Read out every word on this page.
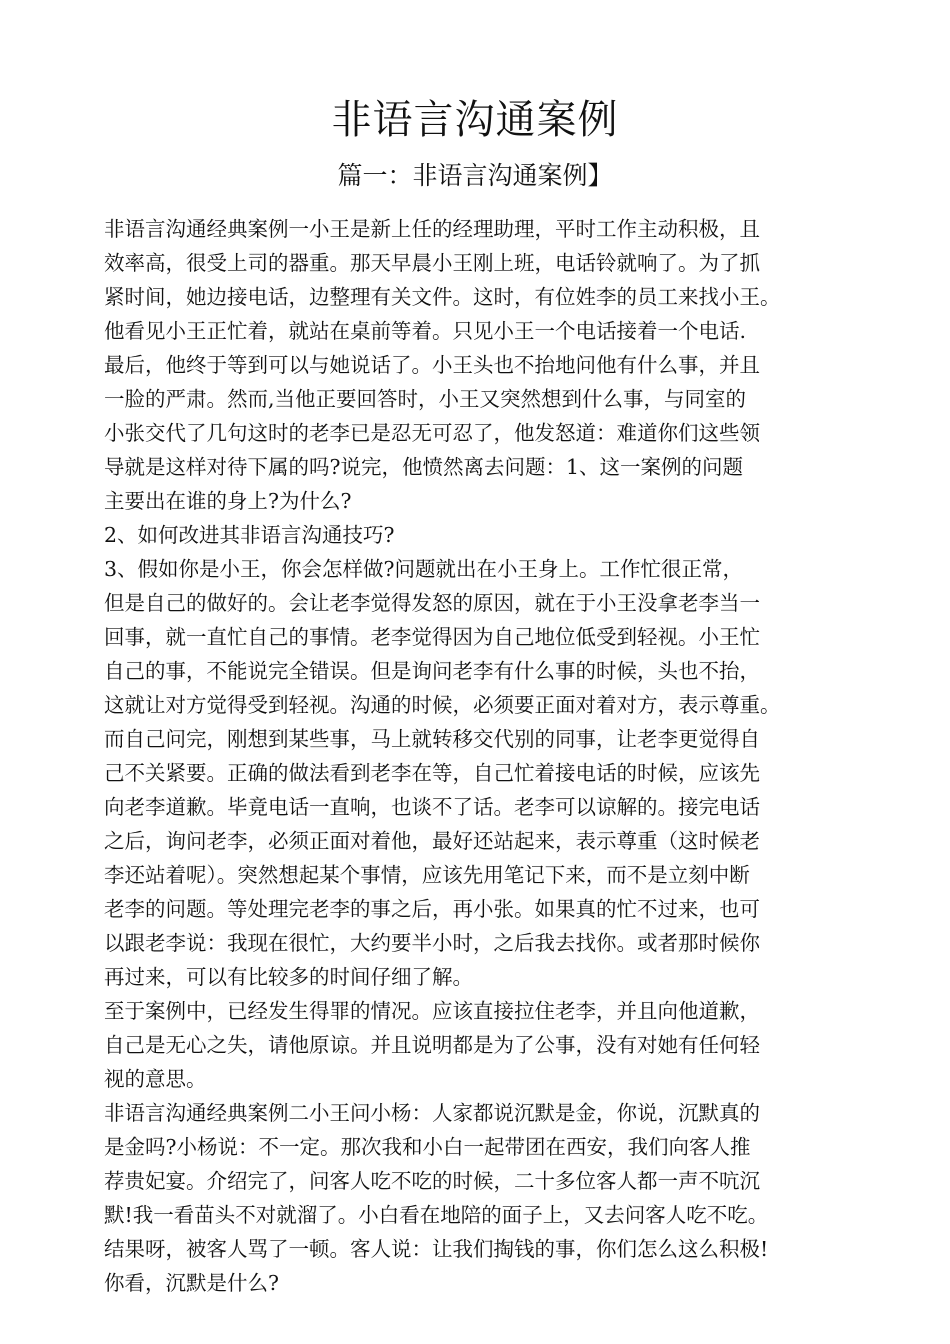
非语言沟通案例
篇一：非语言沟通案例】
非语言沟通经典案例一小王是新上任的经理助理，平时工作主动积极，且
效率高，很受上司的器重。那天早晨小王刚上班，电话铃就响了。为了抓
紧时间，她边接电话，边整理有关文件。这时，有位姓李的员工来找小王。
他看见小王正忙着，就站在桌前等着。只见小王一个电话接着一个电话.
最后，他终于等到可以与她说话了。小王头也不抬地问他有什么事，并且
一脸的严肃。然而,当他正要回答时，小王又突然想到什么事，与同室的
小张交代了几句这时的老李已是忍无可忍了，他发怒道：难道你们这些领
导就是这样对待下属的吗?说完，他愤然离去问题：1、这一案例的问题
主要出在谁的身上?为什么?
2、如何改进其非语言沟通技巧?
3、假如你是小王，你会怎样做?问题就出在小王身上。工作忙很正常，
但是自己的做好的。会让老李觉得发怒的原因，就在于小王没拿老李当一
回事，就一直忙自己的事情。老李觉得因为自己地位低受到轻视。小王忙
自己的事，不能说完全错误。但是询问老李有什么事的时候，头也不抬，
这就让对方觉得受到轻视。沟通的时候，必须要正面对着对方，表示尊重。
而自己问完，刚想到某些事，马上就转移交代别的同事，让老李更觉得自
己不关紧要。正确的做法看到老李在等，自己忙着接电话的时候，应该先
向老李道歉。毕竟电话一直响，也谈不了话。老李可以谅解的。接完电话
之后，询问老李，必须正面对着他，最好还站起来，表示尊重（这时候老
李还站着呢）。突然想起某个事情，应该先用笔记下来，而不是立刻中断
老李的问题。等处理完老李的事之后，再小张。如果真的忙不过来，也可
以跟老李说：我现在很忙，大约要半小时，之后我去找你。或者那时候你
再过来，可以有比较多的时间仔细了解。
至于案例中，已经发生得罪的情况。应该直接拉住老李，并且向他道歉，
自己是无心之失，请他原谅。并且说明都是为了公事，没有对她有任何轻
视的意思。
非语言沟通经典案例二小王问小杨：人家都说沉默是金，你说，沉默真的
是金吗?小杨说：不一定。那次我和小白一起带团在西安，我们向客人推
荐贵妃宴。介绍完了，问客人吃不吃的时候，二十多位客人都一声不吭沉
默!我一看苗头不对就溜了。小白看在地陪的面子上，又去问客人吃不吃。
结果呀，被客人骂了一顿。客人说：让我们掏钱的事，你们怎么这么积极!
你看，沉默是什么?
